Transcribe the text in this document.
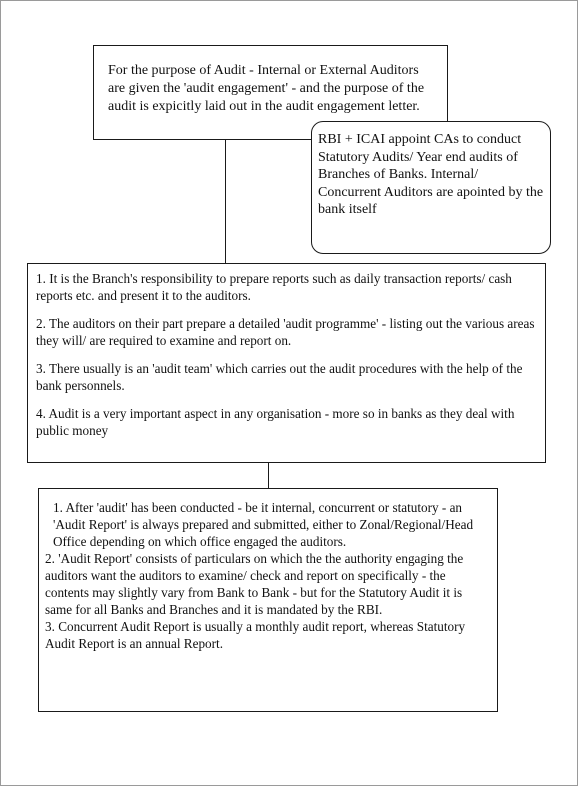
For the purpose of Audit - Internal or External Auditors are given the 'audit engagement' - and the purpose of the audit is expicitly laid out in the audit engagement letter.

RBI + ICAI appoint CAs to conduct Statutory Audits/ Year end audits of Branches of Banks. Internal/ Concurrent Auditors are apointed by the bank itself

1. It is the Branch's responsibility to prepare reports such as daily transaction reports/ cash reports etc. and present it to the auditors.

2. The auditors on their part prepare a detailed 'audit programme' - listing out the various areas they will/ are required to examine and report on.

3. There usually is an 'audit team' which carries out the audit procedures with the help of the bank personnels.

4. Audit is a very important aspect in any organisation - more so in banks as they deal with public money

1. After 'audit' has been conducted - be it internal, concurrent or statutory - an 'Audit Report' is always prepared and submitted, either to Zonal/Regional/Head Office depending on which office engaged the auditors.

2. 'Audit Report' consists of particulars on which the the authority engaging the auditors want the auditors to examine/ check and report on specifically - the contents may slightly vary from Bank to Bank - but for the Statutory Audit it is same for all Banks and Branches and it is mandated by the RBI.

3. Concurrent Audit Report is usually a monthly audit report, whereas Statutory Audit Report is an annual Report.
